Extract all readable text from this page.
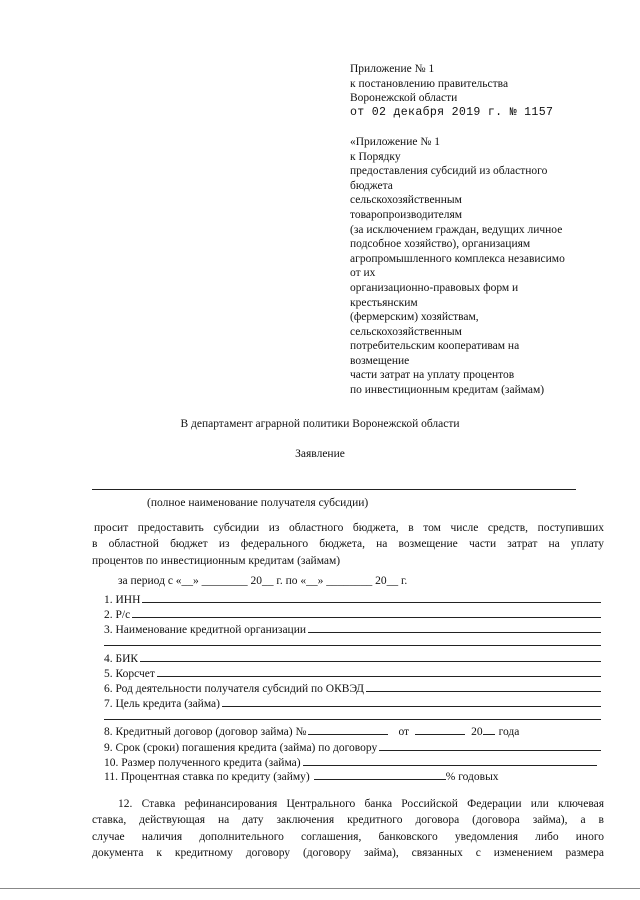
Приложение № 1
к постановлению правительства
Воронежской области
от 02 декабря 2019 г. № 1157
«Приложение № 1
к Порядку
предоставления субсидий из областного
бюджета
сельскохозяйственным
товаропроизводителям
(за исключением граждан, ведущих личное
подсобное хозяйство), организациям
агропромышленного комплекса независимо
от их
организационно-правовых форм и
крестьянским
(фермерским) хозяйствам,
сельскохозяйственным
потребительским кооперативам на
возмещение
части затрат на уплату процентов
по инвестиционным кредитам (займам)
В департамент аграрной политики Воронежской области
Заявление
(полное наименование получателя субсидии)
просит предоставить субсидии из областного бюджета, в том числе средств, поступивших
в областной бюджет из федерального бюджета, на возмещение части затрат на уплату
процентов по инвестиционным кредитам (займам)
за период с «__» ________ 20__ г. по «__» ________ 20__ г.
1. ИНН
2. Р/с
3. Наименование кредитной организации
4. БИК
5. Корсчет
6. Род деятельности получателя субсидий по ОКВЭД
7. Цель кредита (займа)
8. Кредитный договор (договор займа) №	от	20 года
9. Срок (сроки) погашения кредита (займа) по договору
10. Размер полученного кредита (займа)
11. Процентная ставка по кредиту (займу)	% годовых
12. Ставка рефинансирования Центрального банка Российской Федерации или ключевая
ставка, действующая на дату заключения кредитного договора (договора займа), а в
случае наличия дополнительного соглашения, банковского уведомления либо иного
документа к кредитному договору (договору займа), связанных с изменением размера
